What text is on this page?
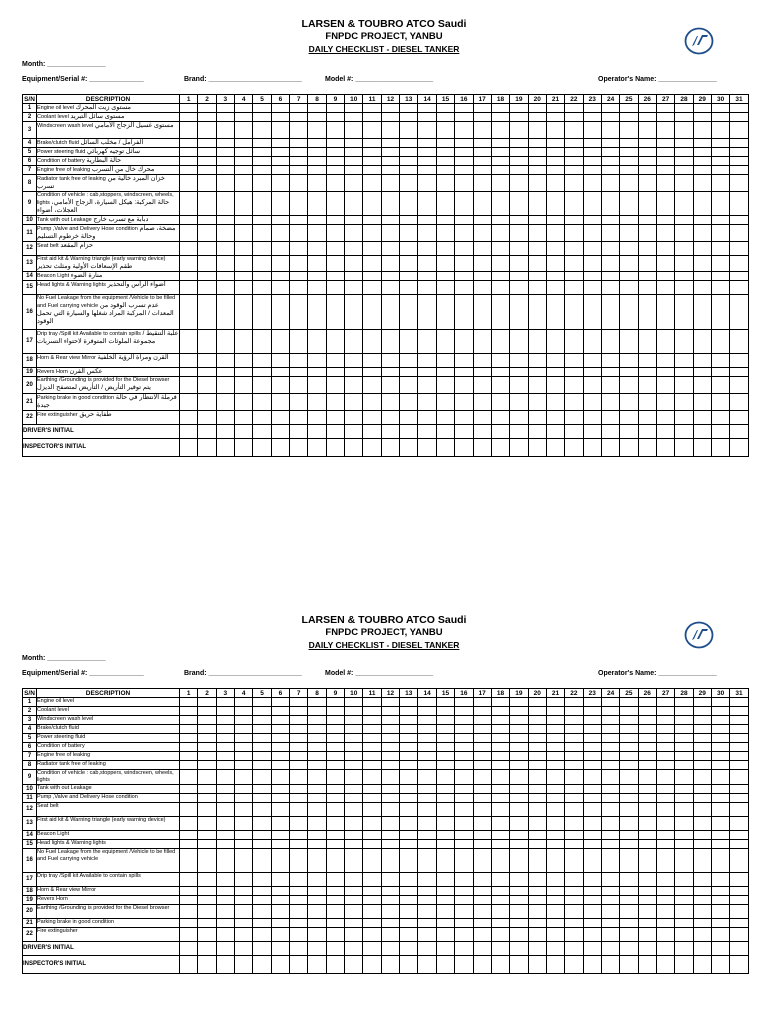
LARSEN & TOUBRO ATCO Saudi
FNPDC PROJECT, YANBU
DAILY CHECKLIST - DIESEL TANKER
Month: _______________
Equipment/Serial #: ______________	Brand: ________________________	Model #: ____________________	Operator's Name: _______________
S/N	DESCRIPTION	1	2	3	4	5	6	7	8	9	10	11	12	13	14	15	16	17	18	19	20	21	22	23	24	25	26	27	28	29	30	31
1	Engine oil level مستوى زيت المحرك																															
2	Coolant level مستوى سائل التبريد																															
3	Windscreen wash level مستوى غسيل الزجاج الأمامي																															
4	Brake/clutch fluid الفرامل / مخلب السائل																															
5	Power steering fluid سائل توجيه كهربائي																															
6	Condition of battery حالة البطارية																															
7	Engine free of leaking محرك خال من التسرب																															
8	Radiator tank free of leaking خزان المبرد خالية من تسرب																															
9	Condition of vehicle : cab,stoppers, windscreen, wheels, lights حالة المركبة: هيكل السيارة، الزجاج الأمامي، العجلات، أضواء																															
10	Tank with out Leakage دبابة مع تسرب خارج																															
11	Pump ,Valve and Delivery Hose condition مضخة، صمام وحالة خرطوم التسليم																															
12	Seat belt حزام المقعد																															
13	First aid kit & Warning triangle (early warning device) طقم الإسعافات الأولية ومثلث تحذير																															
14	Beacon Light منارة الضوء																															
15	Head lights & Warning lights أضواء الرأس والتحذير																															
16	No Fuel Leakage from the equipment /Vehicle to be filled and Fuel carrying vehicle عدم تسرب الوقود من المعدات / المركبة المراد شغلها والسيارة التي تحمل الوقود																															
17	Drip tray /Spill kit Available to contain spills علبة التنقيط / مجموعة الملوثات المتوفرة لاحتواء التسربات																															
18	Horn & Rear view Mirror القرن ومرآة الرؤية الخلفية																															
19	Revers Horn عكس القرن																															
20	Earthing /Grounding is provided for the Diesel browser يتم توفير التأريض / التأريض لمتصفح الديزل																															
21	Parking brake in good condition فرملة الانتظار في حالة جيدة																															
22	Fire extinguisher طفاية حريق																															
DRIVER'S INITIAL																																
INSPECTOR'S INITIAL																																
LARSEN & TOUBRO ATCO Saudi
FNPDC PROJECT, YANBU
DAILY CHECKLIST - DIESEL TANKER
Month: _______________
Equipment/Serial #: ______________	Brand: ________________________	Model #: ____________________	Operator's Name: _______________
S/N	DESCRIPTION	1	2	3	4	5	6	7	8	9	10	11	12	13	14	15	16	17	18	19	20	21	22	23	24	25	26	27	28	29	30	31
1	Engine oil level																															
2	Coolant level																															
3	Windscreen wash level																															
4	Brake/clutch fluid																															
5	Power steering fluid																															
6	Condition of battery																															
7	Engine free of leaking																															
8	Radiator tank free of leaking																															
9	Condition of vehicle : cab,stoppers, windscreen, wheels, lights																															
10	Tank with out Leakage																															
11	Pump ,Valve and Delivery Hose condition																															
12	Seat belt																															
13	First aid kit & Warning triangle (early warning device)																															
14	Beacon Light																															
15	Head lights & Warning lights																															
16	No Fuel Leakage from the equipment /Vehicle to be filled and Fuel carrying vehicle																															
17	Drip tray /Spill kit Available to contain spills																															
18	Horn & Rear view Mirror																															
19	Revers Horn																															
20	Earthing /Grounding is provided for the Diesel browser																															
21	Parking brake in good condition																															
22	Fire extinguisher																															
DRIVER'S INITIAL																																
INSPECTOR'S INITIAL																																
